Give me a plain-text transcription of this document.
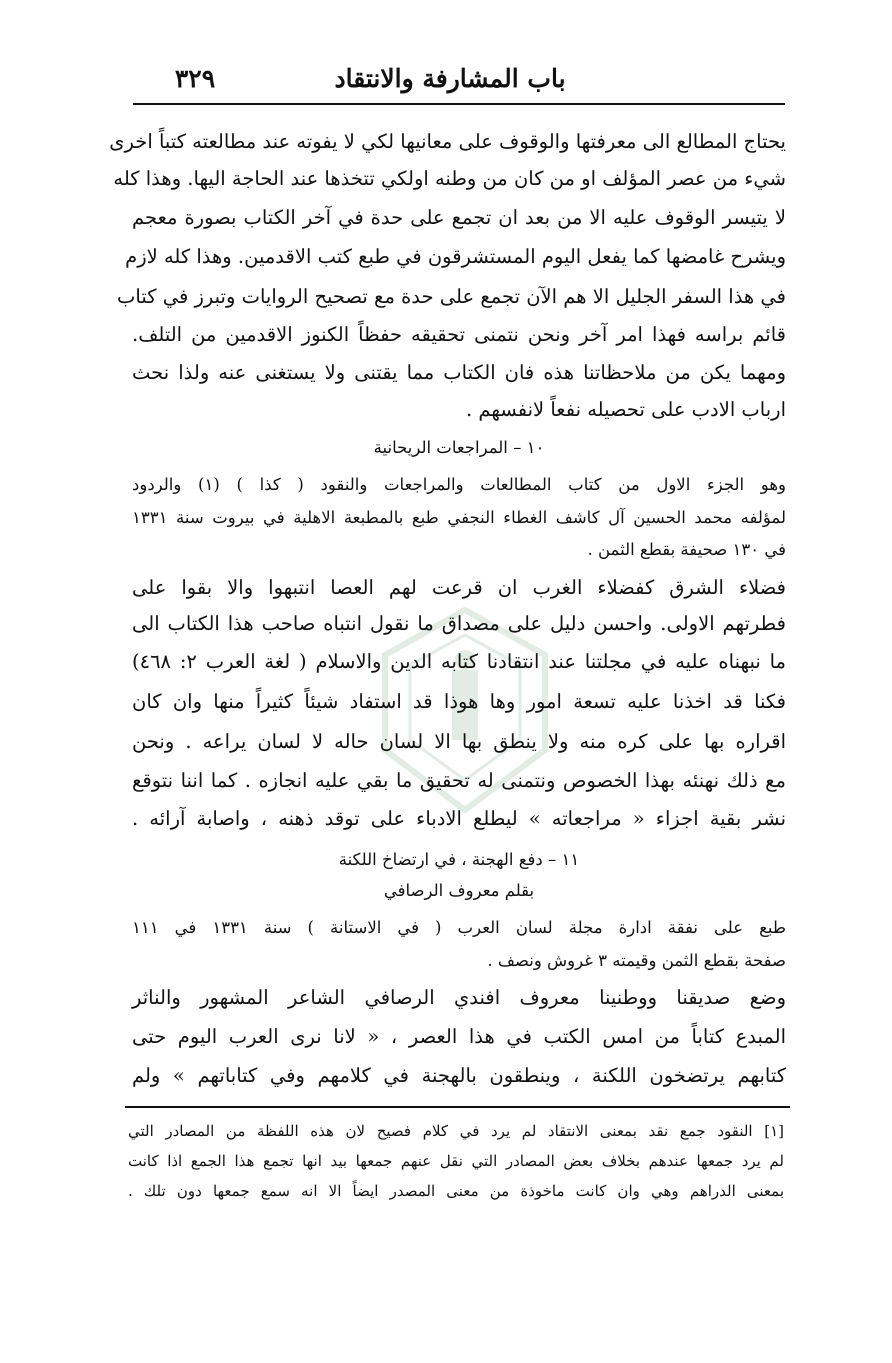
باب المشارفة والانتقاد
٣٢٩
يحتاج المطالع الى معرفتها والوقوف على معانيها لكي لا يفوته عند مطالعته كتباً اخرى
شيء من عصر المؤلف او من كان من وطنه اولكي تتخذها عند الحاجة اليها. وهذا كله
لا يتيسر الوقوف عليه الا من بعد ان تجمع على حدة في آخر الكتاب بصورة معجم
ويشرح غامضها كما يفعل اليوم المستشرقون في طبع كتب الاقدمين. وهذا كله لازم
في هذا السفر الجليل الا هم الآن تجمع على حدة مع تصحيح الروايات وتبرز في كتاب
قائم براسه فهذا امر آخر ونحن نتمنى تحقيقه حفظاً الكنوز الاقدمين من التلف.
ومهما يكن من ملاحظاتنا هذه فان الكتاب مما يقتنى ولا يستغنى عنه ولذا نحث
ارباب الادب على تحصيله نفعاً لانفسهم .
١٠ – المراجعات الريحانية
وهو الجزء الاول من كتاب المطالعات والمراجعات والنقود ( كذا ) (١) والردود
لمؤلفه محمد الحسين آل كاشف الغطاء النجفي طبع بالمطبعة الاهلية في بيروت سنة ١٣٣١
في ١٣٠ صحيفة بقطع الثمن .
فضلاء الشرق كفضلاء الغرب ان قرعت لهم العصا انتبهوا والا بقوا على
فطرتهم الاولى. واحسن دليل على مصداق ما نقول انتباه صاحب هذا الكتاب الى
ما نبهناه عليه في مجلتنا عند انتقادنا كتابه الدين والاسلام ( لغة العرب ٢: ٤٦٨)
فكنا قد اخذنا عليه تسعة امور وها هوذا قد استفاد شيئاً كثيراً منها وان كان
اقراره بها على كره منه ولا ينطق بها الا لسان حاله لا لسان يراعه . ونحن
مع ذلك نهنئه بهذا الخصوص ونتمنى له تحقيق ما بقي عليه انجازه . كما اننا نتوقع
نشر بقية اجزاء « مراجعاته » ليطلع الادباء على توقد ذهنه ، واصابة آرائه .
١١ – دفع الهجنة ، في ارتضاخ اللكنة
بقلم معروف الرصافي
طبع على نفقة ادارة مجلة لسان العرب ( في الاستانة ) سنة ١٣٣١ في ١١١
صفحة بقطع الثمن وقيمته ٣ غروش ونصف .
وضع صديقنا ووطنينا معروف افندي الرصافي الشاعر المشهور والناثر
المبدع كتاباً من امس الكتب في هذا العصر ، « لانا نرى العرب اليوم حتى
كتابهم يرتضخون اللكنة ، وينطقون بالهجنة في كلامهم وفي كتاباتهم » ولم
[١] النقود جمع نقد بمعنى الانتقاد لم يرد في كلام فصيح لان هذه اللفظة من المصادر التي
لم يرد جمعها عندهم بخلاف بعض المصادر التي نقل عنهم جمعها بيد انها تجمع هذا الجمع اذا كانت
بمعنى الدراهم وهي وان كانت ماخوذة من معنى المصدر ايضاً الا انه سمع جمعها دون تلك .
